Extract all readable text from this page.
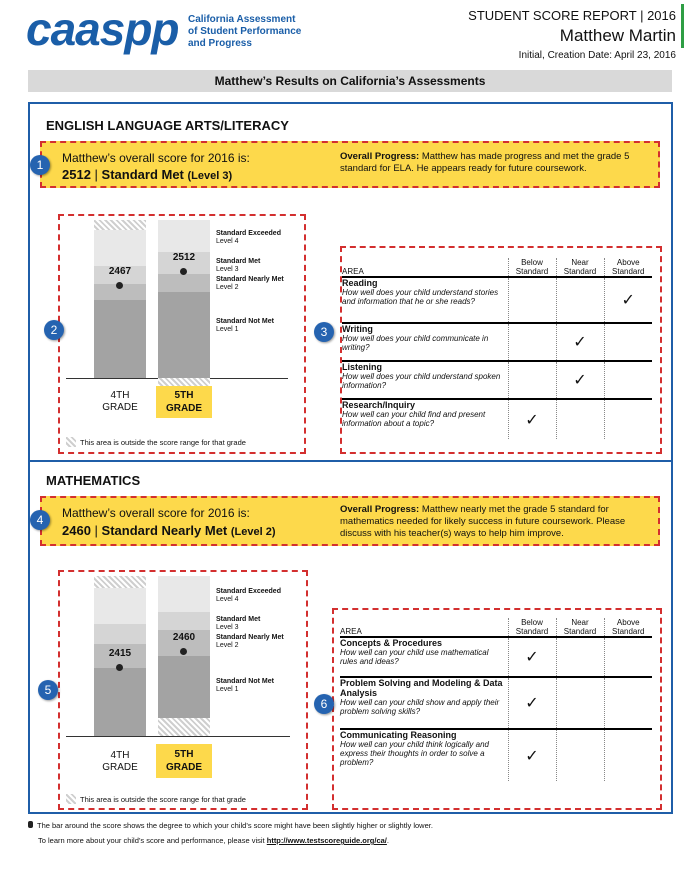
caaspp California Assessment
of Student Performance
and Progress
STUDENT SCORE REPORT | 2016
Matthew Martin
Initial, Creation Date: April 23, 2016
Matthew’s Results on California’s Assessments
ENGLISH LANGUAGE ARTS/LITERACY
Matthew’s overall score for 2016 is:
2512 | Standard Met (Level 3)
Overall Progress: Matthew has made progress and met the grade 5 standard for ELA. He appears ready for future coursework.
1
2467
2512
Standard Exceeded
Level 4
Standard Met
Level 3
Standard Nearly Met
Level 2
Standard Not Met
Level 1
4TH
GRADE
5TH
GRADE
This area is outside the score range for that grade
2
AREA	Below Standard	Near Standard	Above Standard
Reading
How well does your child understand stories and information that he or she reads?			✓
Writing
How well does your child communicate in writing?		✓	
Listening
How well does your child understand spoken information?		✓	
Research/Inquiry
How well can your child find and present information about a topic?	✓		
3
MATHEMATICS
Matthew’s overall score for 2016 is:
2460 | Standard Nearly Met (Level 2)
Overall Progress: Matthew nearly met the grade 5 standard for mathematics needed for likely success in future coursework. Please discuss with his teacher(s) ways to help him improve.
4
2415
2460
Standard Exceeded
Level 4
Standard Met
Level 3
Standard Nearly Met
Level 2
Standard Not Met
Level 1
4TH
GRADE
5TH
GRADE
This area is outside the score range for that grade
5
AREA	Below Standard	Near Standard	Above Standard
Concepts & Procedures
How well can your child use mathematical rules and ideas?	✓		
Problem Solving and Modeling & Data Analysis
How well can your child show and apply their problem solving skills?	✓		
Communicating Reasoning
How well can your child think logically and express their thoughts in order to solve a problem?	✓		
6
The bar around the score shows the degree to which your child’s score might have been slightly higher or slightly lower.
To learn more about your child’s score and performance, please visit http://www.testscoreguide.org/ca/.
